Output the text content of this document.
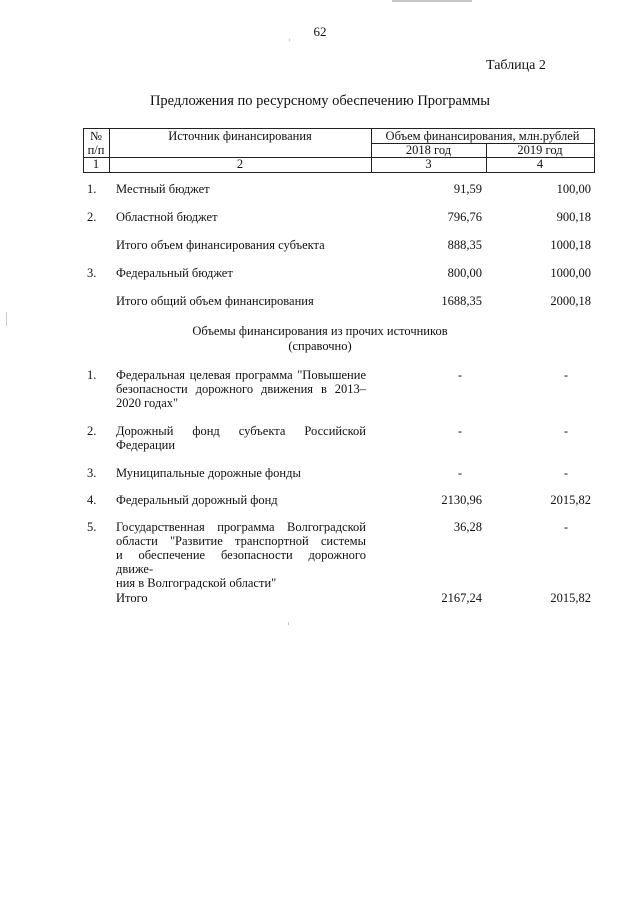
62
Таблица 2
Предложения по ресурсному обеспечению Программы
№
п/п
Источник финансирования	Объем финансирования, млн.рублей
2018 год	2019 год
1	2	3	4
1. Местный бюджет	91,59	100,00
2. Областной бюджет	796,76	900,18
Итого объем финансирования субъекта	888,35	1000,18
3. Федеральный бюджет	800,00	1000,00
Итого общий объем финансирования	1688,35	2000,18
Объемы финансирования из прочих источников
(справочно)
1. Федеральная целевая программа "Повышение
безопасности дорожного движения в 2013–
2020 годах"
-	-
2. Дорожный фонд субъекта Российской
Федерации
-	-
3. Муниципальные дорожные фонды	-	-
4. Федеральный дорожный фонд	2130,96	2015,82
5. Государственная программа Волгоградской
области "Развитие транспортной системы
и обеспечение безопасности дорожного движе-
ния в Волгоградской области"
36,28	-
Итого	2167,24	2015,82
